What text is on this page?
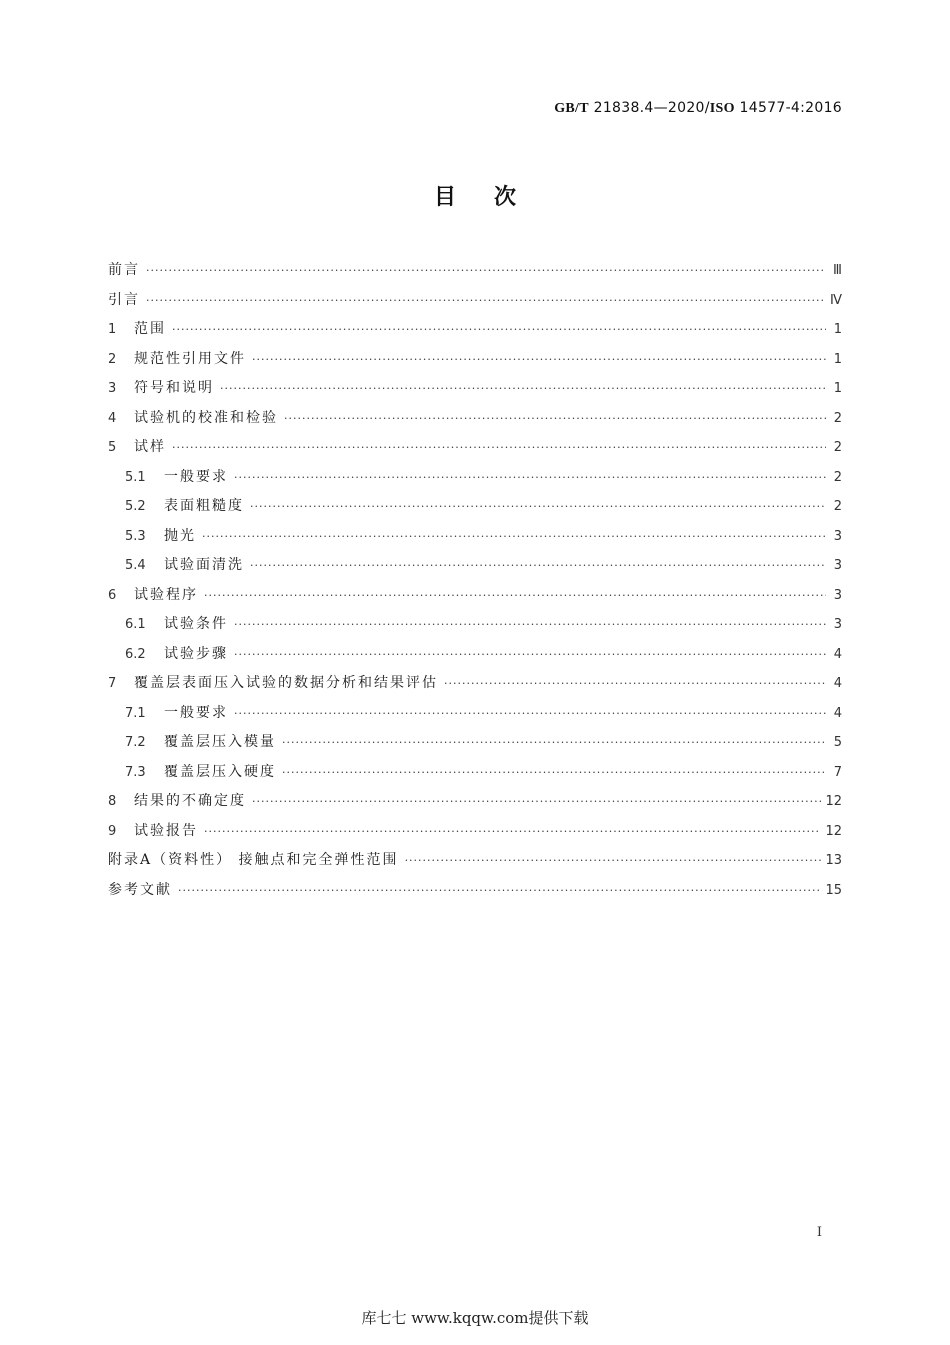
GB/T 21838.4—2020/ISO 14577-4:2016
目次
前言 ·····	Ⅲ
引言 ·····	Ⅳ
1	范围 ·····	1
2	规范性引用文件 ·····	1
3	符号和说明 ·····	1
4	试验机的校准和检验 ·····	2
5	试样 ·····	2
5.1	一般要求 ·····	2
5.2	表面粗糙度 ·····	2
5.3	抛光 ·····	3
5.4	试验面清洗 ·····	3
6	试验程序 ·····	3
6.1	试验条件 ·····	3
6.2	试验步骤 ·····	4
7	覆盖层表面压入试验的数据分析和结果评估 ·····	4
7.1	一般要求 ·····	4
7.2	覆盖层压入模量 ·····	5
7.3	覆盖层压入硬度 ·····	7
8	结果的不确定度 ·····	12
9	试验报告 ·····	12
附录A（资料性） 接触点和完全弹性范围 ·····	13
参考文献 ·····	15
I
库七七 www.kqqw.com提供下载
